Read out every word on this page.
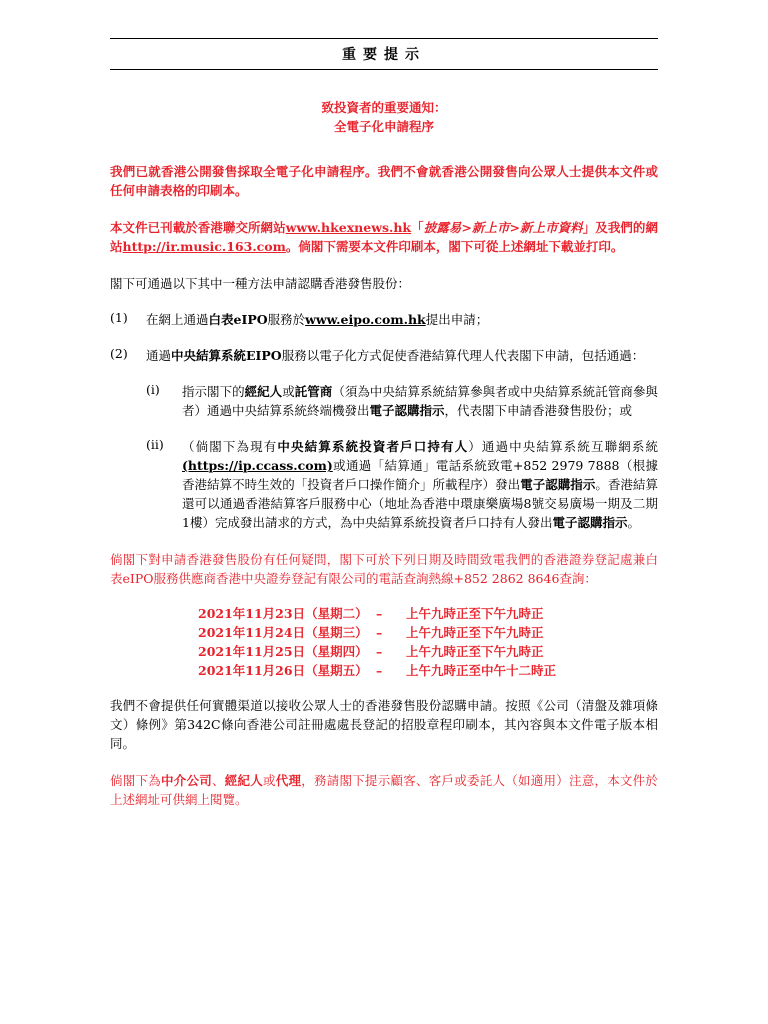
重要提示
致投資者的重要通知：
全電子化申請程序

我們已就香港公開發售採取全電子化申請程序。我們不會就香港公開發售向公眾人士提供本文件或任何申請表格的印刷本。

本文件已刊載於香港聯交所網站www.hkexnews.hk「披露易>新上市>新上市資料」及我們的網站http://ir.music.163.com。倘閣下需要本文件印刷本，閣下可從上述網址下載並打印。

閣下可通過以下其中一種方法申請認購香港發售股份：

(1)	在網上通過白表eIPO服務於www.eipo.com.hk提出申請；

(2)	通過中央結算系統EIPO服務以電子化方式促使香港結算代理人代表閣下申請，包括通過：

(i)	指示閣下的經紀人或託管商（須為中央結算系統結算參與者或中央結算系統託管商參與者）通過中央結算系統終端機發出電子認購指示，代表閣下申請香港發售股份；或

(ii)	（倘閣下為現有中央結算系統投資者戶口持有人）通過中央結算系統互聯網系統(https://ip.ccass.com)或通過「結算通」電話系統致電+852 2979 7888（根據香港結算不時生效的「投資者戶口操作簡介」所載程序）發出電子認購指示。香港結算還可以通過香港結算客戶服務中心（地址為香港中環康樂廣場8號交易廣場一期及二期1樓）完成發出請求的方式，為中央結算系統投資者戶口持有人發出電子認購指示。

倘閣下對申請香港發售股份有任何疑問，閣下可於下列日期及時間致電我們的香港證券登記處兼白表eIPO服務供應商香港中央證券登記有限公司的電話查詢熱線+852 2862 8646查詢：

2021年11月23日（星期二） –	上午九時正至下午九時正
2021年11月24日（星期三） –	上午九時正至下午九時正
2021年11月25日（星期四） –	上午九時正至下午九時正
2021年11月26日（星期五） –	上午九時正至中午十二時正

我們不會提供任何實體渠道以接收公眾人士的香港發售股份認購申請。按照《公司（清盤及雜項條文）條例》第342C條向香港公司註冊處處長登記的招股章程印刷本，其內容與本文件電子版本相同。

倘閣下為中介公司、經紀人或代理，務請閣下提示顧客、客戶或委託人（如適用）注意，本文件於上述網址可供網上閱覽。
